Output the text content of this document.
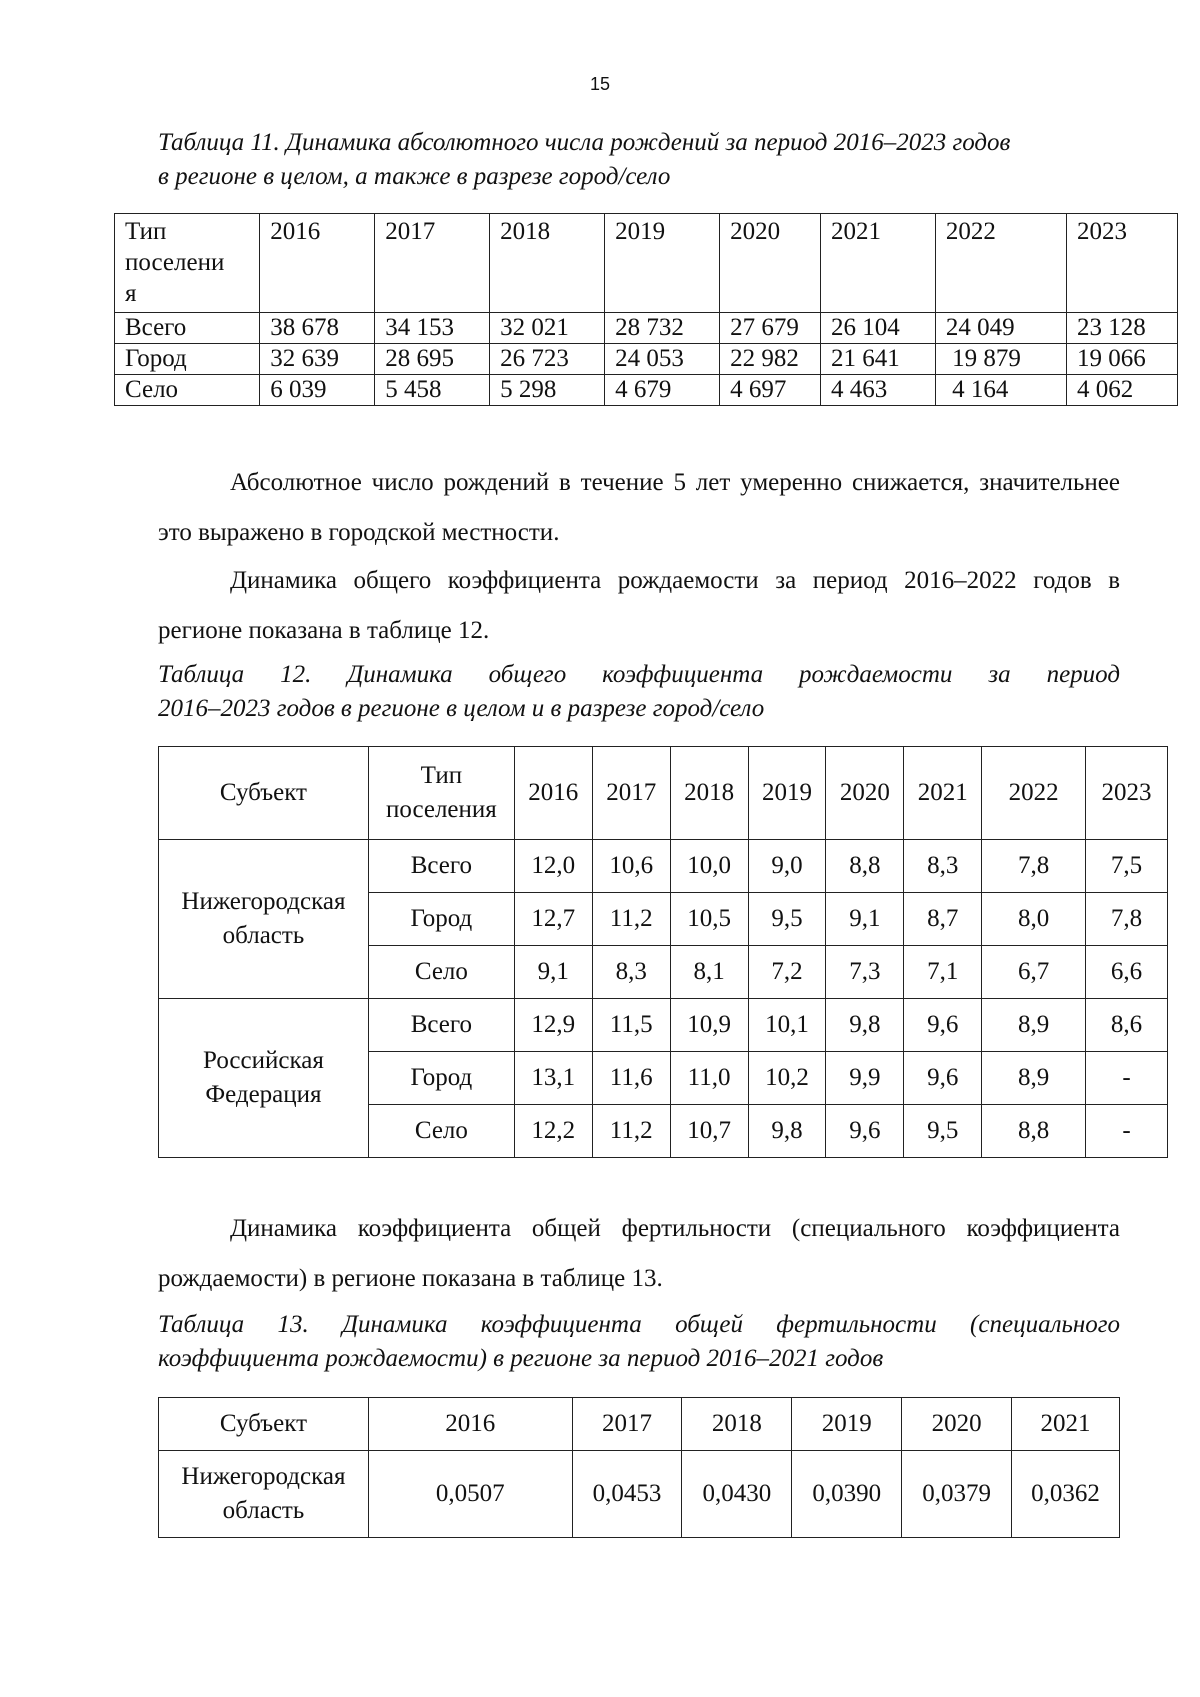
15
Таблица 11. Динамика абсолютного числа рождений за период 2016–2023 годов
в регионе в целом, а также в разрезе город/село
Тип
поселени
я	2016	2017	2018	2019	2020	2021	2022	2023
Всего	38 678	34 153	32 021	28 732	27 679	26 104	24 049	23 128
Город	32 639	28 695	26 723	24 053	22 982	21 641	19 879	19 066
Село	6 039	5 458	5 298	4 679	4 697	4 463	4 164	4 062
Абсолютное число рождений в течение 5 лет умеренно снижается, значительнее это выражено в городской местности.
Динамика общего коэффициента рождаемости за период 2016–2022 годов в регионе показана в таблице 12.
Таблица 12. Динамика общего коэффициента рождаемости за период
2016–2023 годов в регионе в целом и в разрезе город/село
Субъект	Тип поселения	2016	2017	2018	2019	2020	2021	2022	2023
Нижегородская область	Всего	12,0	10,6	10,0	9,0	8,8	8,3	7,8	7,5
	Город	12,7	11,2	10,5	9,5	9,1	8,7	8,0	7,8
	Село	9,1	8,3	8,1	7,2	7,3	7,1	6,7	6,6
Российская Федерация	Всего	12,9	11,5	10,9	10,1	9,8	9,6	8,9	8,6
	Город	13,1	11,6	11,0	10,2	9,9	9,6	8,9	-
	Село	12,2	11,2	10,7	9,8	9,6	9,5	8,8	-
Динамика коэффициента общей фертильности (специального коэффициента рождаемости) в регионе показана в таблице 13.
Таблица 13. Динамика коэффициента общей фертильности (специального
коэффициента рождаемости) в регионе за период 2016–2021 годов
Субъект	2016	2017	2018	2019	2020	2021
Нижегородская область	0,0507	0,0453	0,0430	0,0390	0,0379	0,0362
